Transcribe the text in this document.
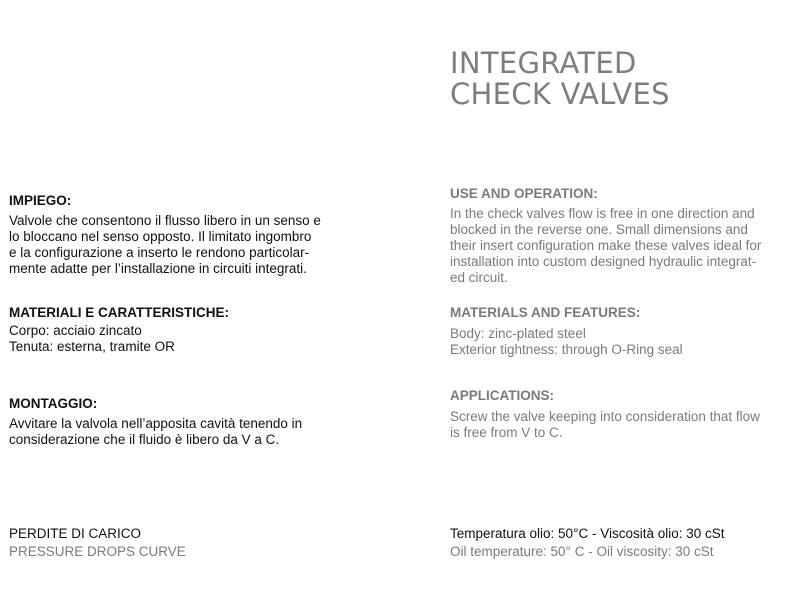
INTEGRATED
CHECK VALVES
IMPIEGO:
Valvole che consentono il flusso libero in un senso e
lo bloccano nel senso opposto. Il limitato ingombro
e la configurazione a inserto le rendono particolar-
mente adatte per l’installazione in circuiti integrati.
MATERIALI E CARATTERISTICHE:
Corpo: acciaio zincato
Tenuta: esterna, tramite OR
MONTAGGIO:
Avvitare la valvola nell’apposita cavità tenendo in
considerazione che il fluido è libero da V a C.
PERDITE DI CARICO
PRESSURE DROPS CURVE
USE AND OPERATION:
In the check valves flow is free in one direction and
blocked in the reverse one. Small dimensions and
their insert configuration make these valves ideal for
installation into custom designed hydraulic integrat-
ed circuit.
MATERIALS AND FEATURES:
Body: zinc-plated steel
Exterior tightness: through O-Ring seal
APPLICATIONS:
Screw the valve keeping into consideration that flow
is free from V to C.
Temperatura olio: 50°C - Viscosità olio: 30 cSt
Oil temperature: 50° C - Oil viscosity: 30 cSt
